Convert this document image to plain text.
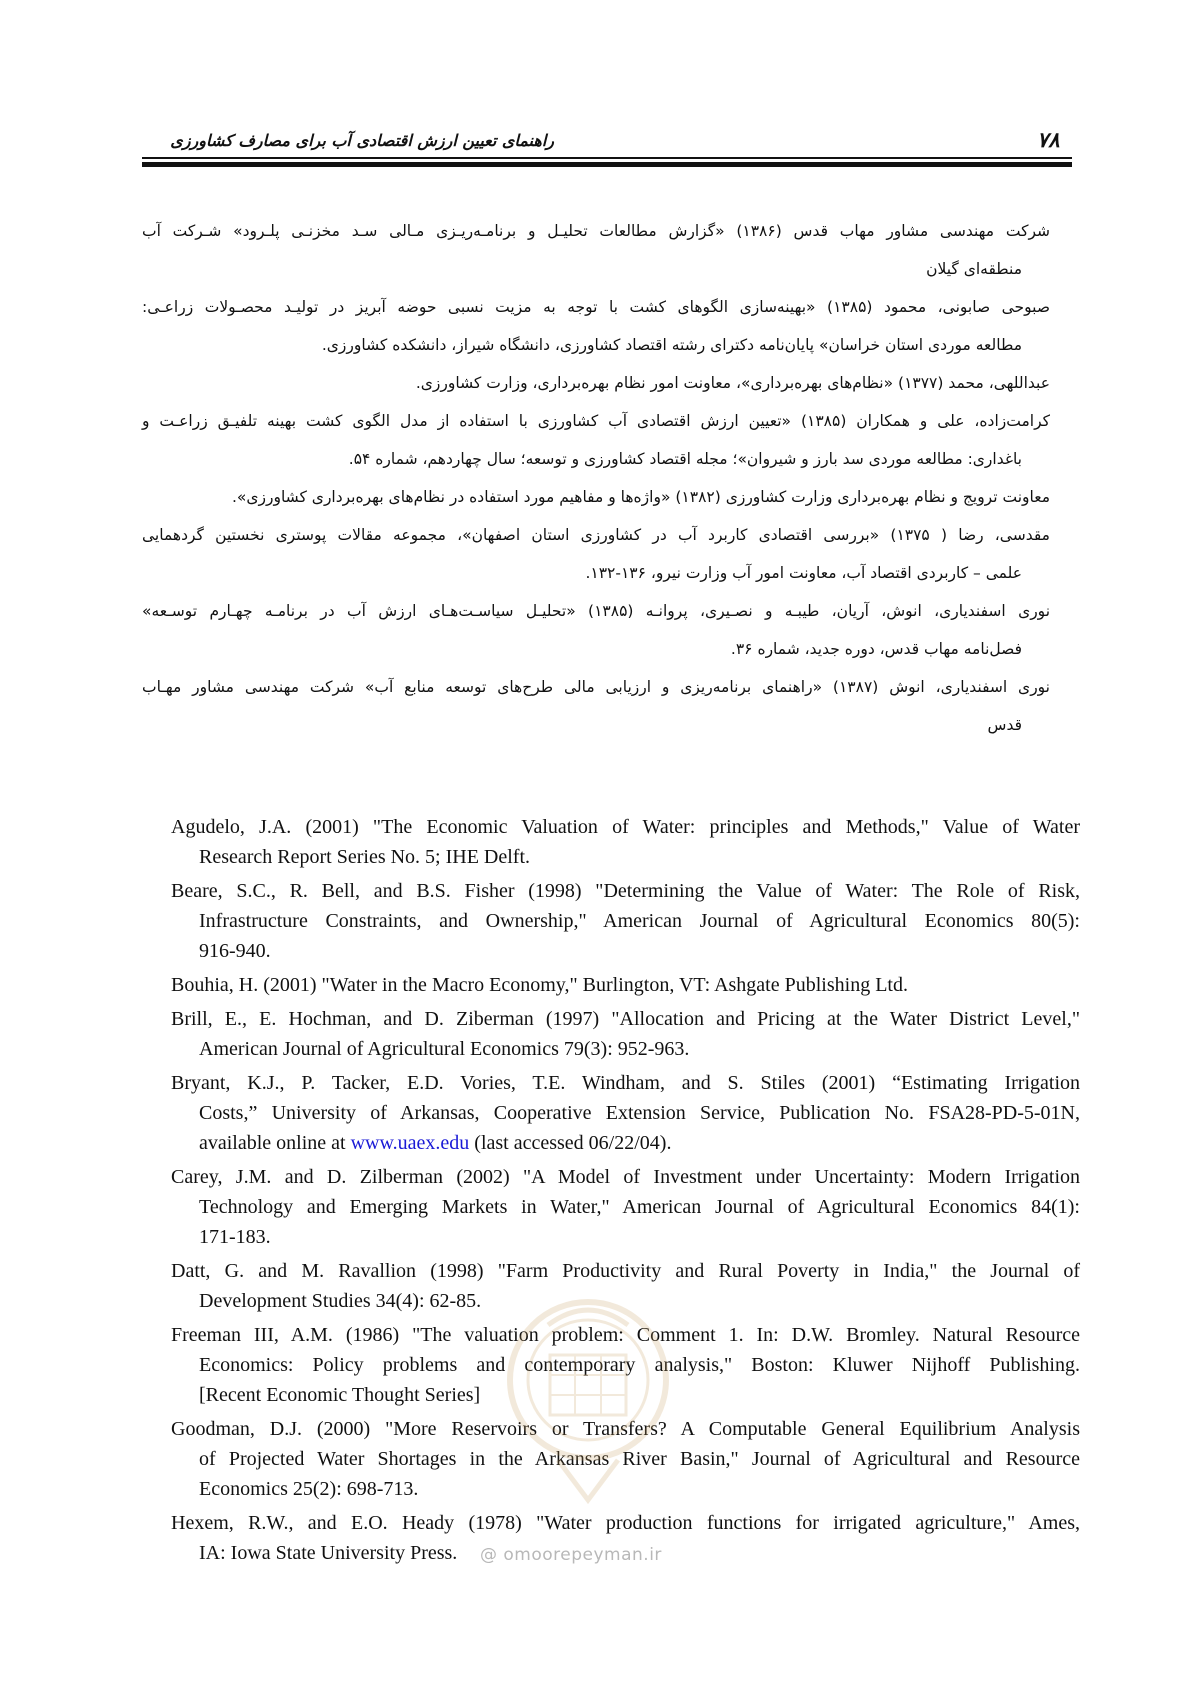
۷۸
راهنمای تعیین ارزش اقتصادی آب برای مصارف کشاورزی
شرکت مهندسی مشاور مهاب قدس (۱۳۸۶) «گزارش مطالعات تحلیـل و برنامـه‌ریـزی مـالی سـد مخزنـی پلـرود» شـرکت آب
منطقه‌ای گیلان
صبوحی صابونی، محمود (۱۳۸۵) «بهینه‌سازی الگوهای کشت با توجه به مزیت نسبی حوضه آبریز در تولیـد محصـولات زراعـی:
مطالعه موردی استان خراسان» پایان‌نامه دکترای رشته اقتصاد کشاورزی، دانشگاه شیراز، دانشکده کشاورزی.
عبداللهی، محمد (۱۳۷۷) «نظام‌های بهره‌برداری»، معاونت امور نظام بهره‌برداری، وزارت کشاورزی.
کرامت‌زاده، علی و همکاران (۱۳۸۵) «تعیین ارزش اقتصادی آب کشاورزی با استفاده از مدل الگوی کشت بهینه تلفیـق زراعـت و
باغداری: مطالعه موردی سد بارز و شیروان»؛ مجله اقتصاد کشاورزی و توسعه؛ سال چهاردهم، شماره ۵۴.
معاونت ترویج و نظام بهره‌برداری وزارت کشاورزی (۱۳۸۲) «واژه‌ها و مفاهیم مورد استفاده در نظام‌های بهره‌برداری کشاورزی».
مقدسی، رضا ( ۱۳۷۵) «بررسی اقتصادی کاربرد آب در کشاورزی استان اصفهان»، مجموعه مقالات پوستری نخستین گردهمایی
علمی – کاربردی اقتصاد آب، معاونت امور آب وزارت نیرو، ۱۳۶-۱۳۲.
نوری اسفندیاری، انوش، آریان، طیبـه و نصـیری، پروانـه (۱۳۸۵) «تحلیـل سیاسـت‌هـای ارزش آب در برنامـه چهـارم توسـعه»
فصل‌نامه مهاب قدس، دوره جدید، شماره ۳۶.
نوری اسفندیاری، انوش (۱۳۸۷) «راهنمای برنامه‌ریزی و ارزیابی مالی طرح‌های توسعه منابع آب» شرکت مهندسی مشاور مهـاب
قدس
Agudelo, J.A. (2001) "The Economic Valuation of Water: principles and Methods," Value of Water
Research Report Series No. 5; IHE Delft.
Beare, S.C., R. Bell, and B.S. Fisher (1998) "Determining the Value of Water: The Role of Risk,
Infrastructure Constraints, and Ownership," American Journal of Agricultural Economics 80(5):
916-940.
Bouhia, H. (2001) "Water in the Macro Economy," Burlington, VT: Ashgate Publishing Ltd.
Brill, E., E. Hochman, and D. Ziberman (1997) "Allocation and Pricing at the Water District Level,"
American Journal of Agricultural Economics 79(3): 952-963.
Bryant, K.J., P. Tacker, E.D. Vories, T.E. Windham, and S. Stiles (2001) “Estimating Irrigation
Costs,” University of Arkansas, Cooperative Extension Service, Publication No. FSA28-PD-5-01N,
available online at www.uaex.edu (last accessed 06/22/04).
Carey, J.M. and D. Zilberman (2002) "A Model of Investment under Uncertainty: Modern Irrigation
Technology and Emerging Markets in Water," American Journal of Agricultural Economics 84(1):
171-183.
Datt, G. and M. Ravallion (1998) "Farm Productivity and Rural Poverty in India," the Journal of
Development Studies 34(4): 62-85.
Freeman III, A.M. (1986) "The valuation problem: Comment 1. In: D.W. Bromley. Natural Resource
Economics: Policy problems and contemporary analysis," Boston: Kluwer Nijhoff Publishing.
[Recent Economic Thought Series]
Goodman, D.J. (2000) "More Reservoirs or Transfers? A Computable General Equilibrium Analysis
of Projected Water Shortages in the Arkansas River Basin," Journal of Agricultural and Resource
Economics 25(2): 698-713.
Hexem, R.W., and E.O. Heady (1978) "Water production functions for irrigated agriculture," Ames,
IA: Iowa State University Press.	@ omoorepeyman.ir
